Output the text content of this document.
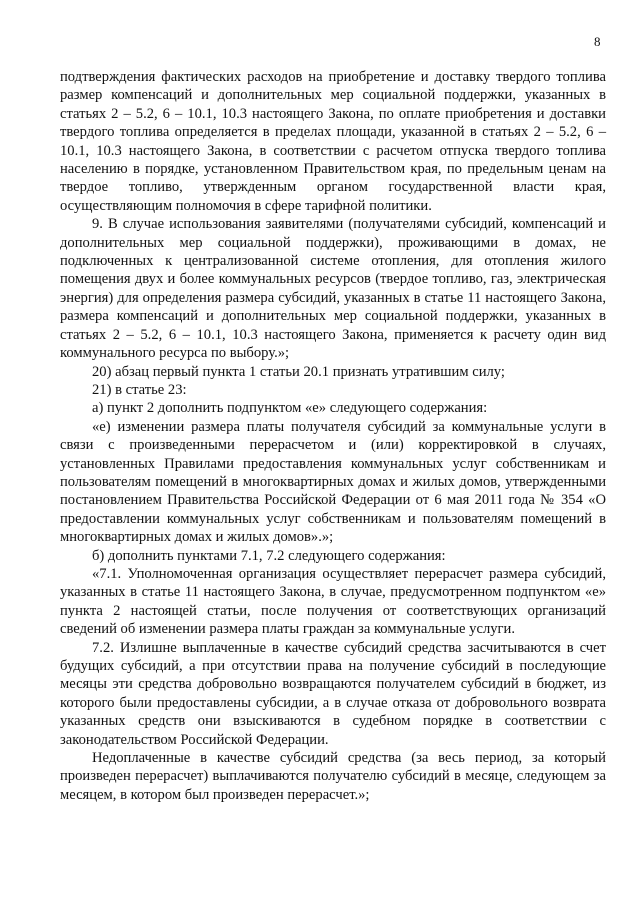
8

подтверждения фактических расходов на приобретение и доставку твердого топлива размер компенсаций и дополнительных мер социальной поддержки, указанных в статьях 2 – 5.2, 6 – 10.1, 10.3 настоящего Закона, по оплате приобретения и доставки твердого топлива определяется в пределах площади, указанной в статьях 2 – 5.2, 6 – 10.1, 10.3 настоящего Закона, в соответствии с расчетом отпуска твердого топлива населению в порядке, установленном Правительством края, по предельным ценам на твердое топливо, утвержденным органом государственной власти края, осуществляющим полномочия в сфере тарифной политики.

9. В случае использования заявителями (получателями субсидий, компенсаций и дополнительных мер социальной поддержки), проживающими в домах, не подключенных к централизованной системе отопления, для отопления жилого помещения двух и более коммунальных ресурсов (твердое топливо, газ, электрическая энергия) для определения размера субсидий, указанных в статье 11 настоящего Закона, размера компенсаций и дополнительных мер социальной поддержки, указанных в статьях 2 – 5.2, 6 – 10.1, 10.3 настоящего Закона, применяется к расчету один вид коммунального ресурса по выбору.»;

20) абзац первый пункта 1 статьи 20.1 признать утратившим силу;

21) в статье 23:

а) пункт 2 дополнить подпунктом «е» следующего содержания:

«е) изменении размера платы получателя субсидий за коммунальные услуги в связи с произведенными перерасчетом и (или) корректировкой в случаях, установленных Правилами предоставления коммунальных услуг собственникам и пользователям помещений в многоквартирных домах и жилых домов, утвержденными постановлением Правительства Российской Федерации от 6 мая 2011 года № 354 «О предоставлении коммунальных услуг собственникам и пользователям помещений в многоквартирных домах и жилых домов».»;

б) дополнить пунктами 7.1, 7.2 следующего содержания:

«7.1. Уполномоченная организация осуществляет перерасчет размера субсидий, указанных в статье 11 настоящего Закона, в случае, предусмотренном подпунктом «е» пункта 2 настоящей статьи, после получения от соответствующих организаций сведений об изменении размера платы граждан за коммунальные услуги.

7.2. Излишне выплаченные в качестве субсидий средства засчитываются в счет будущих субсидий, а при отсутствии права на получение субсидий в последующие месяцы эти средства добровольно возвращаются получателем субсидий в бюджет, из которого были предоставлены субсидии, а в случае отказа от добровольного возврата указанных средств они взыскиваются в судебном порядке в соответствии с законодательством Российской Федерации.

Недоплаченные в качестве субсидий средства (за весь период, за который произведен перерасчет) выплачиваются получателю субсидий в месяце, следующем за месяцем, в котором был произведен перерасчет.»;
